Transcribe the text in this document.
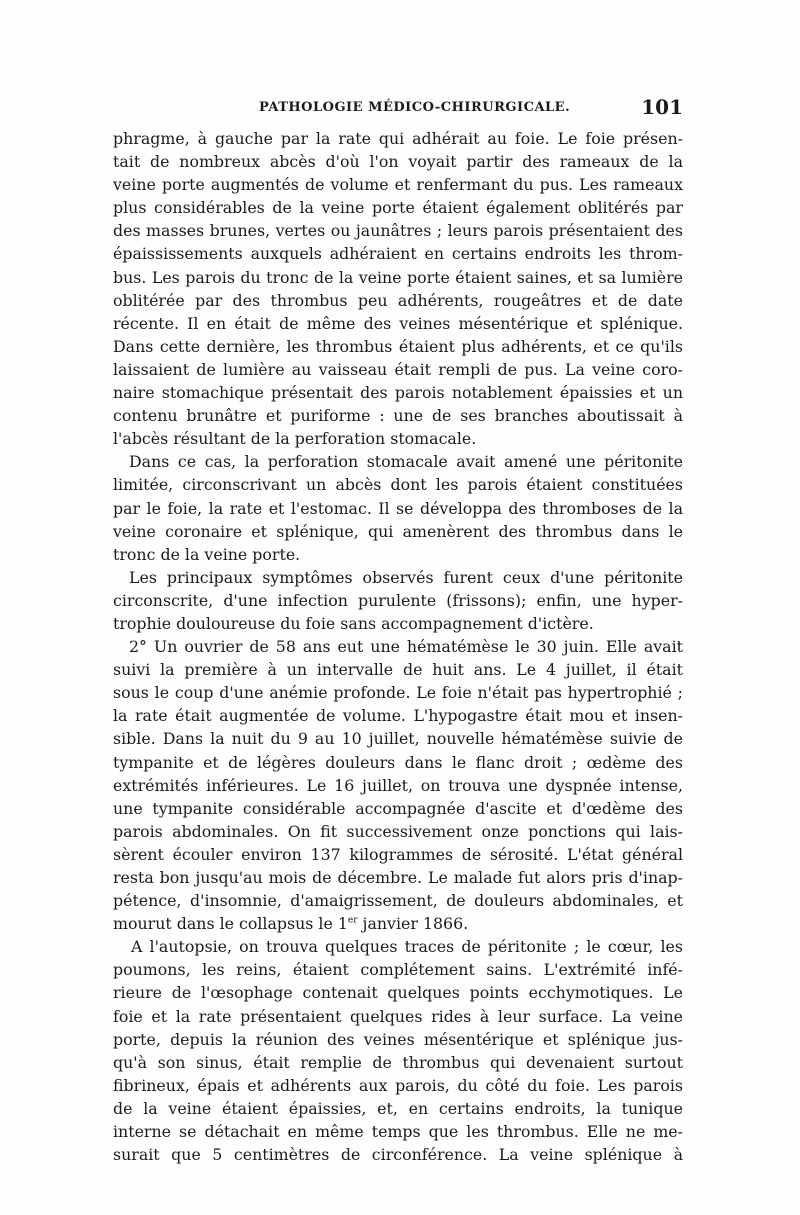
PATHOLOGIE MÉDICO-CHIRURGICALE.	101
phragme, à gauche par la rate qui adhérait au foie. Le foie présen-
tait de nombreux abcès d'où l'on voyait partir des rameaux de la
veine porte augmentés de volume et renfermant du pus. Les rameaux
plus considérables de la veine porte étaient également oblitérés par
des masses brunes, vertes ou jaunâtres ; leurs parois présentaient des
épaississements auxquels adhéraient en certains endroits les throm-
bus. Les parois du tronc de la veine porte étaient saines, et sa lumière
oblitérée par des thrombus peu adhérents, rougeâtres et de date
récente. Il en était de même des veines mésentérique et splénique.
Dans cette dernière, les thrombus étaient plus adhérents, et ce qu'ils
laissaient de lumière au vaisseau était rempli de pus. La veine coro-
naire stomachique présentait des parois notablement épaissies et un
contenu brunâtre et puriforme : une de ses branches aboutissait à
l'abcès résultant de la perforation stomacale.
Dans ce cas, la perforation stomacale avait amené une péritonite
limitée, circonscrivant un abcès dont les parois étaient constituées
par le foie, la rate et l'estomac. Il se développa des thromboses de la
veine coronaire et splénique, qui amenèrent des thrombus dans le
tronc de la veine porte.
Les principaux symptômes observés furent ceux d'une péritonite
circonscrite, d'une infection purulente (frissons); enfin, une hyper-
trophie douloureuse du foie sans accompagnement d'ictère.
2° Un ouvrier de 58 ans eut une hématémèse le 30 juin. Elle avait
suivi la première à un intervalle de huit ans. Le 4 juillet, il était
sous le coup d'une anémie profonde. Le foie n'était pas hypertrophié ;
la rate était augmentée de volume. L'hypogastre était mou et insen-
sible. Dans la nuit du 9 au 10 juillet, nouvelle hématémèse suivie de
tympanite et de légères douleurs dans le flanc droit ; œdème des
extrémités inférieures. Le 16 juillet, on trouva une dyspnée intense,
une tympanite considérable accompagnée d'ascite et d'œdème des
parois abdominales. On fit successivement onze ponctions qui lais-
sèrent écouler environ 137 kilogrammes de sérosité. L'état général
resta bon jusqu'au mois de décembre. Le malade fut alors pris d'inap-
pétence, d'insomnie, d'amaigrissement, de douleurs abdominales, et
mourut dans le collapsus le 1er janvier 1866.
A l'autopsie, on trouva quelques traces de péritonite ; le cœur, les
poumons, les reins, étaient complétement sains. L'extrémité infé-
rieure de l'œsophage contenait quelques points ecchymotiques. Le
foie et la rate présentaient quelques rides à leur surface. La veine
porte, depuis la réunion des veines mésentérique et splénique jus-
qu'à son sinus, était remplie de thrombus qui devenaient surtout
fibrineux, épais et adhérents aux parois, du côté du foie. Les parois
de la veine étaient épaissies, et, en certains endroits, la tunique
interne se détachait en même temps que les thrombus. Elle ne me-
surait que 5 centimètres de circonférence. La veine splénique à
